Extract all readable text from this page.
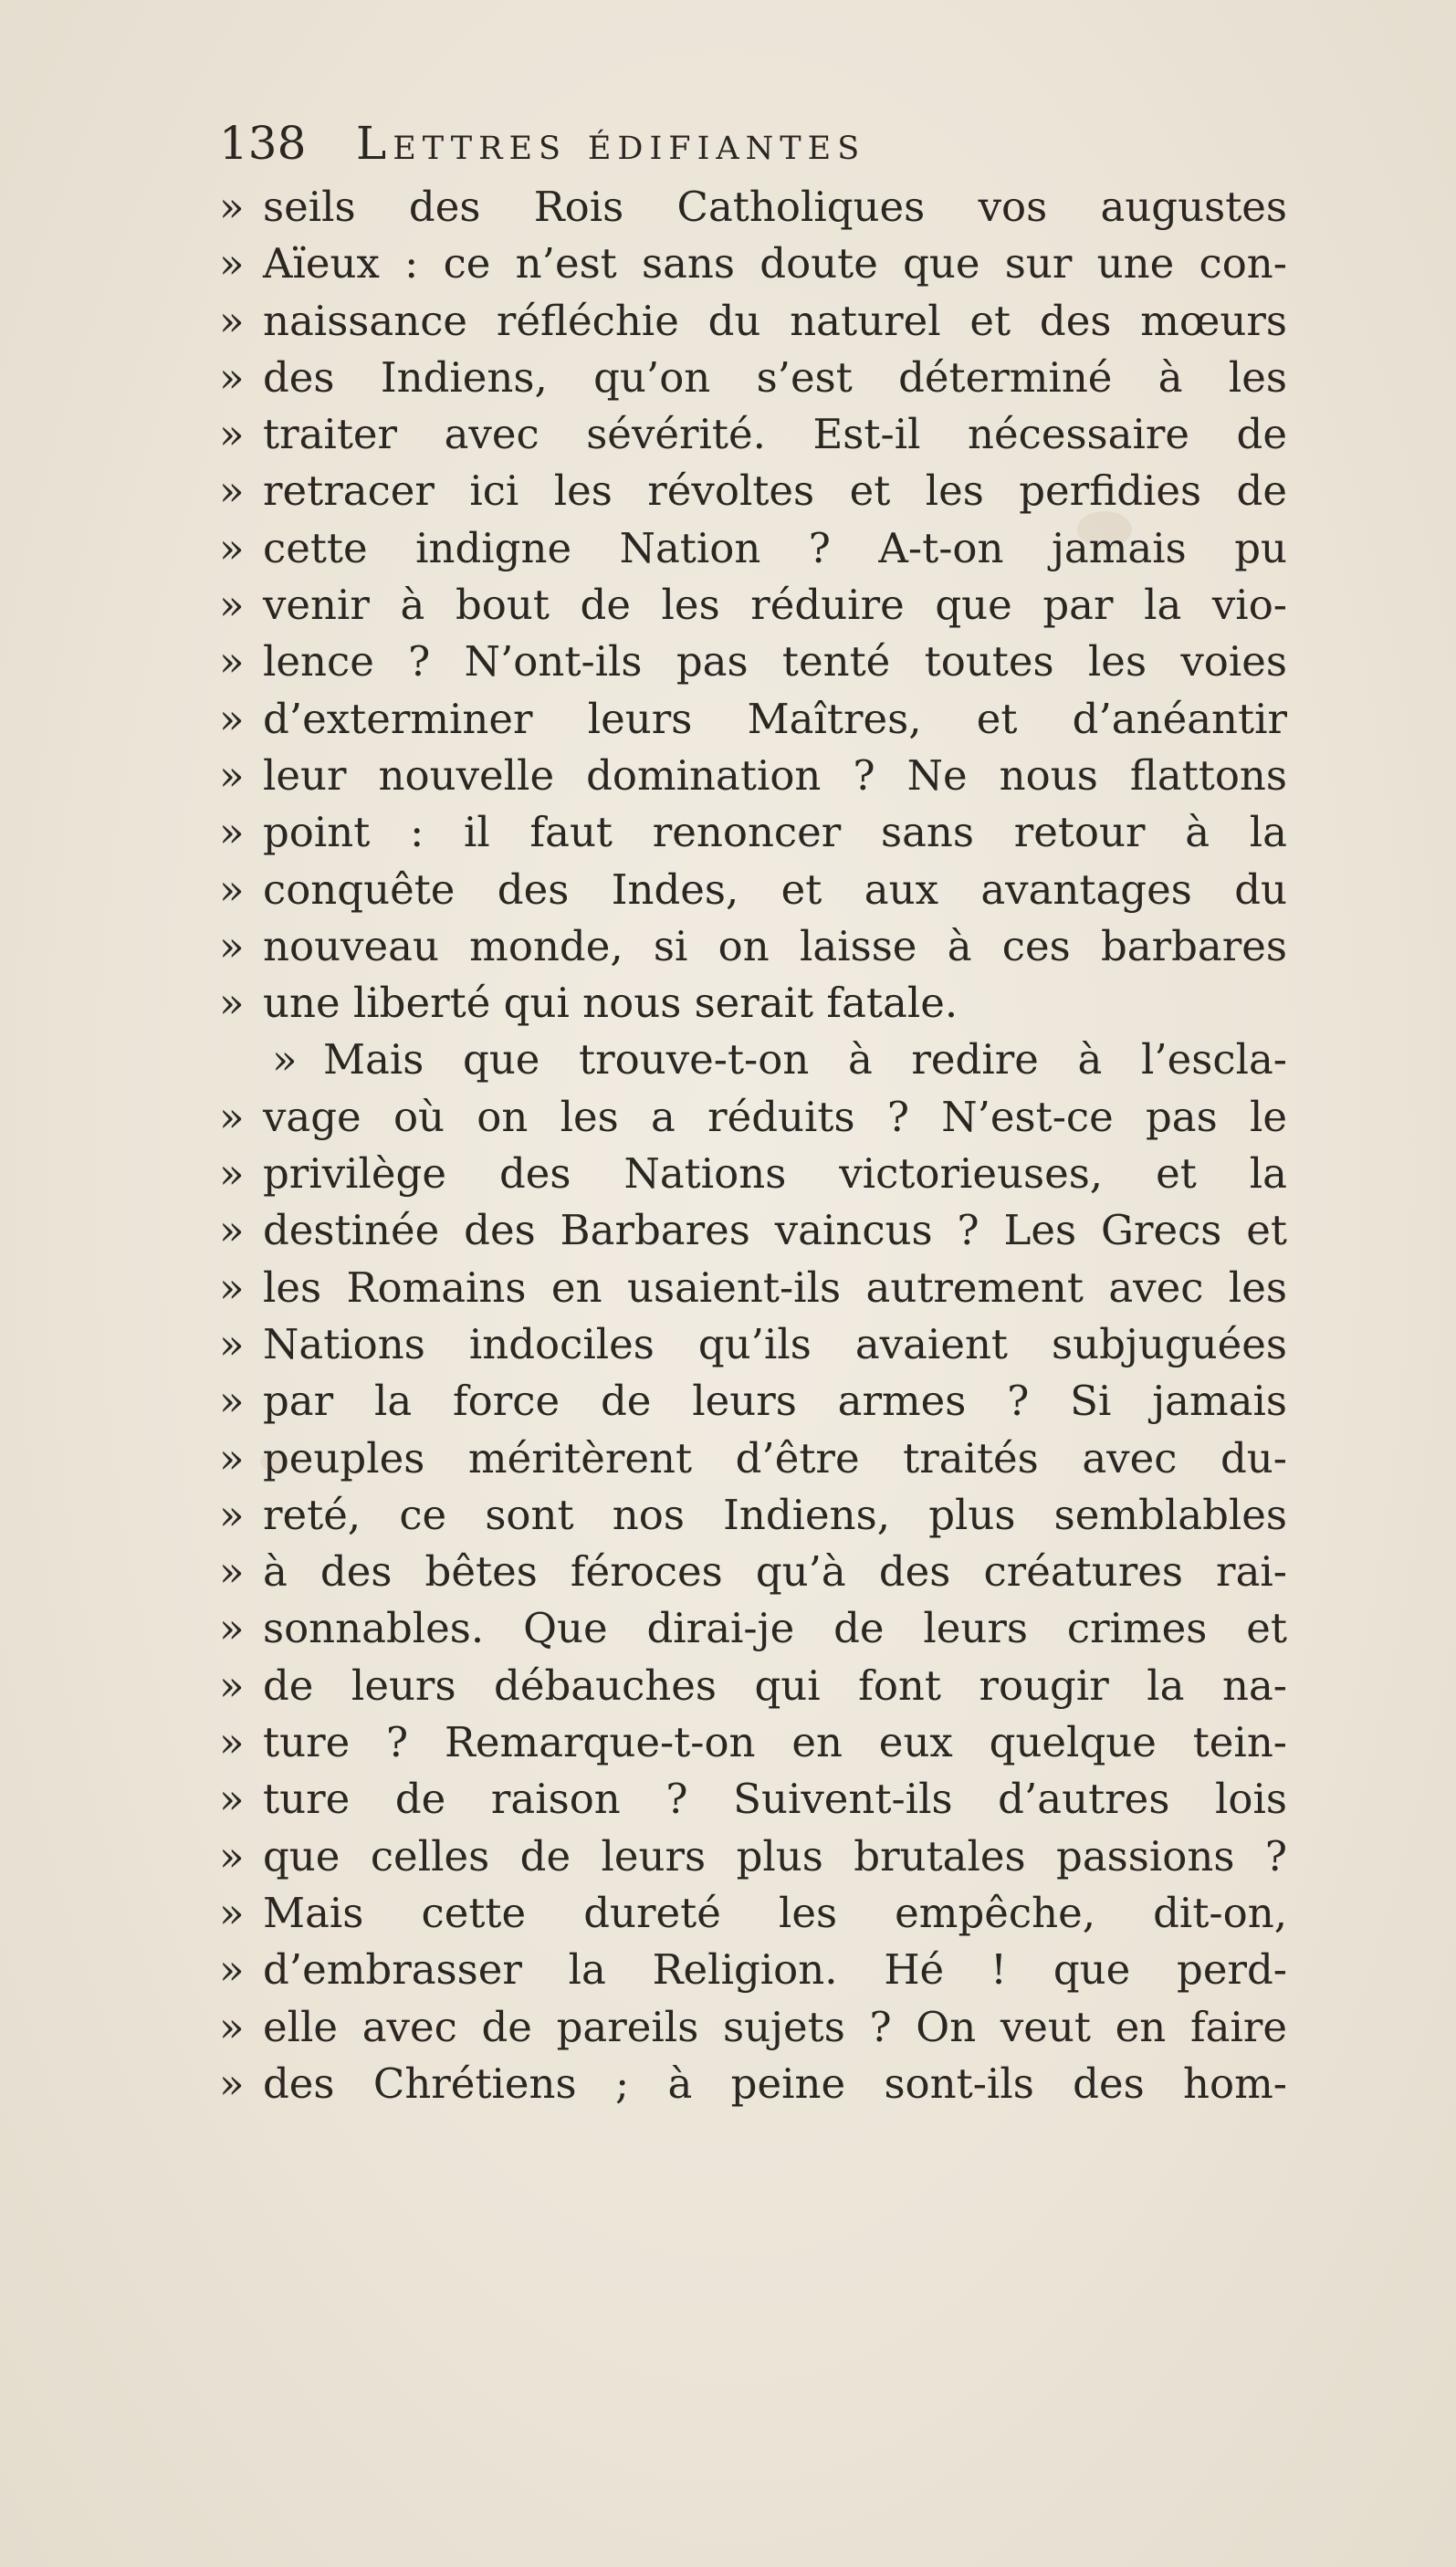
138	Lettres édifiantes
» seils des Rois Catholiques vos augustes
» Aïeux : ce n’est sans doute que sur une con-
» naissance réfléchie du naturel et des mœurs
» des Indiens, qu’on s’est déterminé à les
» traiter avec sévérité. Est-il nécessaire de
» retracer ici les révoltes et les perfidies de
» cette indigne Nation ? A-t-on jamais pu
» venir à bout de les réduire que par la vio-
» lence ? N’ont-ils pas tenté toutes les voies
» d’exterminer leurs Maîtres, et d’anéantir
» leur nouvelle domination ? Ne nous flattons
» point : il faut renoncer sans retour à la
» conquête des Indes, et aux avantages du
» nouveau monde, si on laisse à ces barbares
» une liberté qui nous serait fatale.
» Mais que trouve-t-on à redire à l’escla-
» vage où on les a réduits ? N’est-ce pas le
» privilège des Nations victorieuses, et la
» destinée des Barbares vaincus ? Les Grecs et
» les Romains en usaient-ils autrement avec les
» Nations indociles qu’ils avaient subjuguées
» par la force de leurs armes ? Si jamais
» peuples méritèrent d’être traités avec du-
» reté, ce sont nos Indiens, plus semblables
» à des bêtes féroces qu’à des créatures rai-
» sonnables. Que dirai-je de leurs crimes et
» de leurs débauches qui font rougir la na-
» ture ? Remarque-t-on en eux quelque tein-
» ture de raison ? Suivent-ils d’autres lois
» que celles de leurs plus brutales passions ?
» Mais cette dureté les empêche, dit-on,
» d’embrasser la Religion. Hé ! que perd-
» elle avec de pareils sujets ? On veut en faire
» des Chrétiens ; à peine sont-ils des hom-
